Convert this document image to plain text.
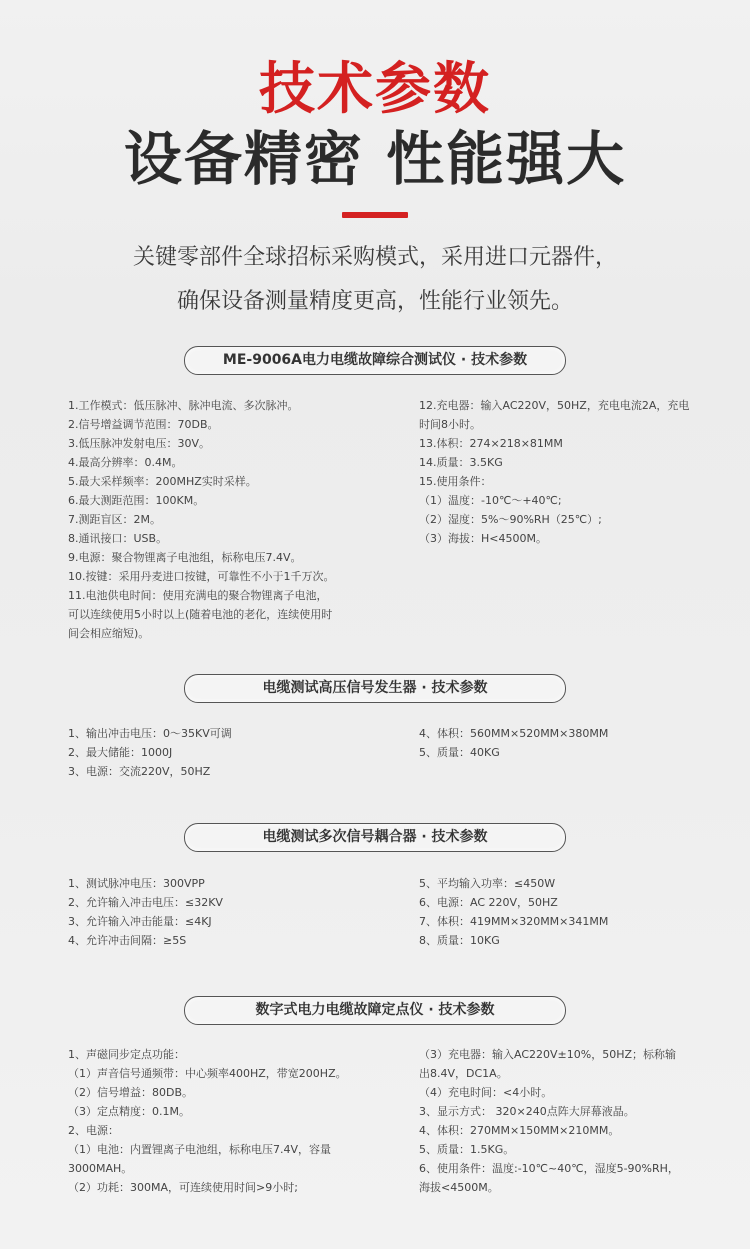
技术参数
设备精密 性能强大
关键零部件全球招标采购模式，采用进口元器件，
确保设备测量精度更高，性能行业领先。
ME-9006A电力电缆故障综合测试仪 · 技术参数
1.工作模式：低压脉冲、脉冲电流、多次脉冲。
2.信号增益调节范围：70DB。
3.低压脉冲发射电压：30V。
4.最高分辨率：0.4M。
5.最大采样频率：200MHZ实时采样。
6.最大测距范围：100KM。
7.测距盲区：2M。
8.通讯接口：USB。
9.电源：聚合物锂离子电池组，标称电压7.4V。
10.按键：采用丹麦进口按键，可靠性不小于1千万次。
11.电池供电时间：使用充满电的聚合物锂离子电池，
可以连续使用5小时以上(随着电池的老化，连续使用时
间会相应缩短)。
12.充电器：输入AC220V，50HZ，充电电流2A，充电
时间8小时。
13.体积：274×218×81MM
14.质量：3.5KG
15.使用条件：
（1）温度：-10℃～+40℃;
（2）湿度：5%～90%RH（25℃）;
（3）海拔：H<4500M。
电缆测试高压信号发生器 · 技术参数
1、输出冲击电压：0～35KV可调
2、最大储能：1000J
3、电源：交流220V，50HZ
4、体积：560MM×520MM×380MM
5、质量：40KG
电缆测试多次信号耦合器 · 技术参数
1、测试脉冲电压：300VPP
2、允许输入冲击电压：≤32KV
3、允许输入冲击能量：≤4KJ
4、允许冲击间隔：≥5S
5、平均输入功率：≤450W
6、电源：AC 220V，50HZ
7、体积：419MM×320MM×341MM
8、质量：10KG
数字式电力电缆故障定点仪 · 技术参数
1、声磁同步定点功能：
（1）声音信号通频带：中心频率400HZ，带宽200HZ。
（2）信号增益：80DB。
（3）定点精度：0.1M。
2、电源：
（1）电池：内置锂离子电池组，标称电压7.4V，容量
3000MAH。
（2）功耗：300MA，可连续使用时间>9小时;
（3）充电器：输入AC220V±10%，50HZ；标称输
出8.4V，DC1A。
（4）充电时间：<4小时。
3、显示方式： 320×240点阵大屏幕液晶。
4、体积：270MM×150MM×210MM。
5、质量：1.5KG。
6、使用条件：温度:-10℃~40℃，湿度5-90%RH，
海拔<4500M。
